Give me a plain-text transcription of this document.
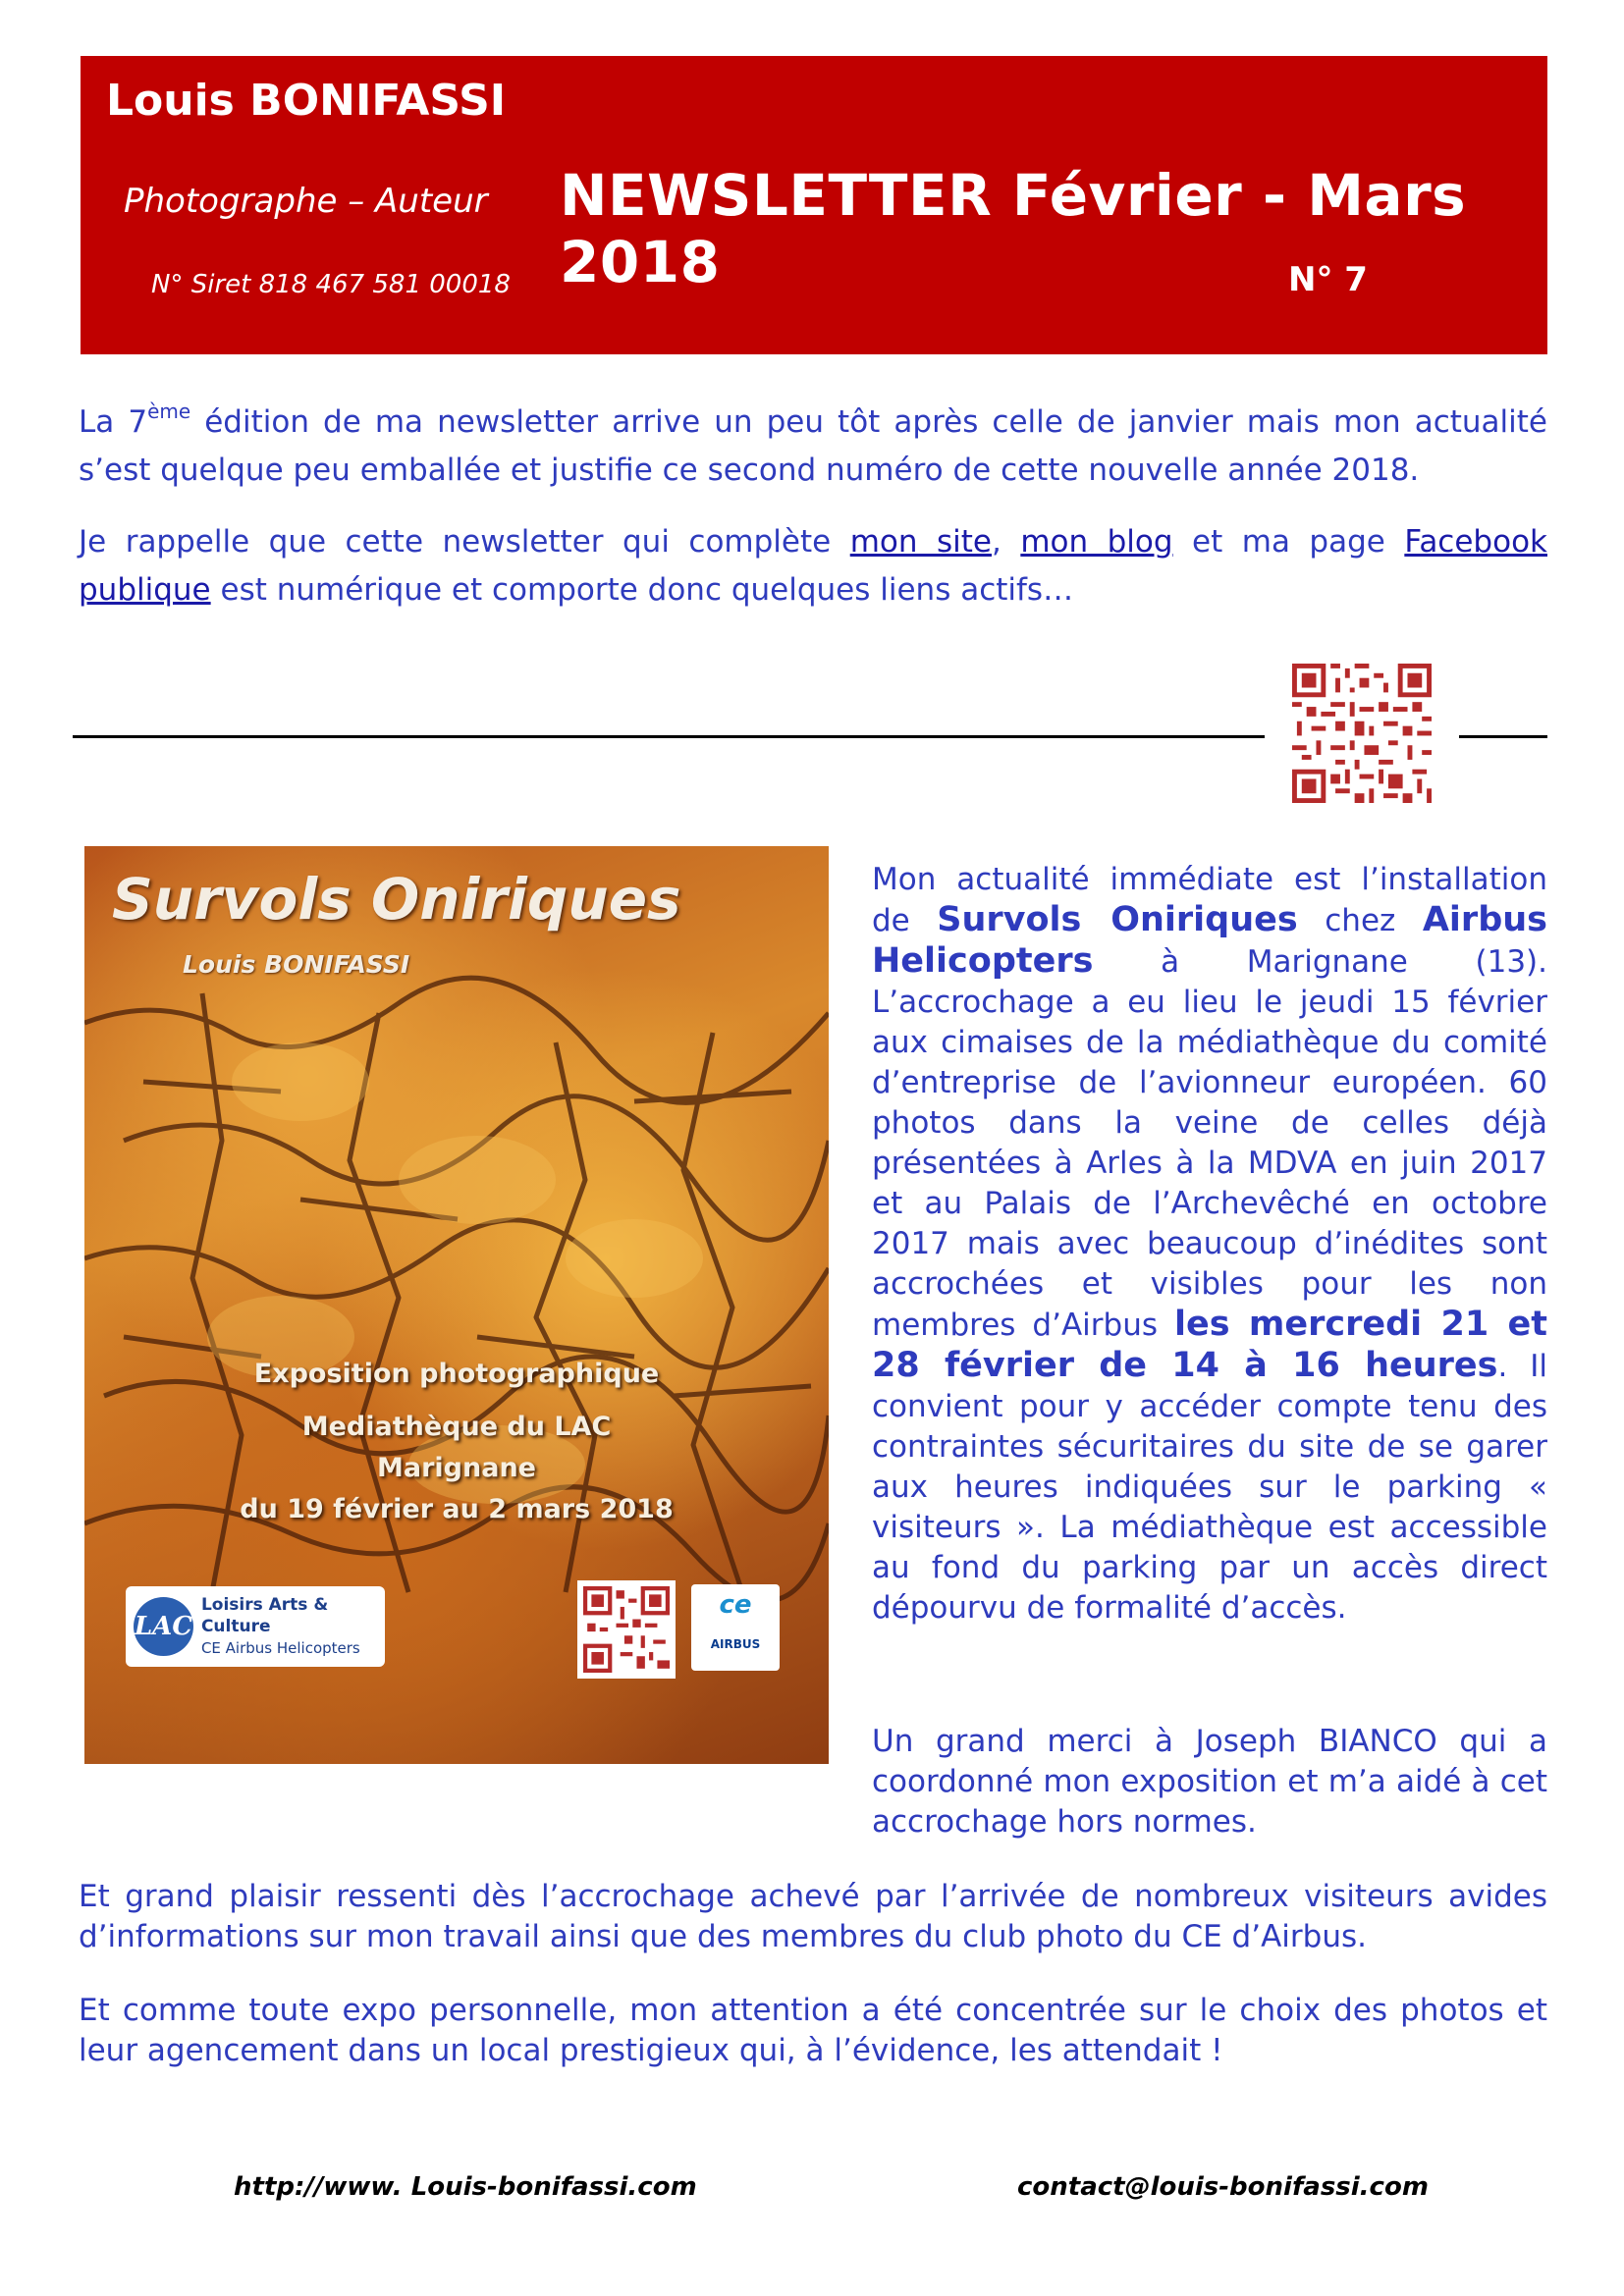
Louis BONIFASSI
Photographe – Auteur NEWSLETTER Février - Mars 2018
N° Siret 818 467 581 00018	N° 7
La 7ème édition de ma newsletter arrive un peu tôt après celle de janvier mais mon actualité s’est quelque peu emballée et justifie ce second numéro de cette nouvelle année 2018.
Je rappelle que cette newsletter qui complète mon site, mon blog et ma page Facebook publique est numérique et comporte donc quelques liens actifs…
Survols Oniriques
Louis BONIFASSI
Exposition photographique
Mediathèque du LAC
Marignane
du 19 février au 2 mars 2018
LAC
Loisirs Arts & Culture
CE Airbus Helicopters
ce
AIRBUS
Mon actualité immédiate est l’installation de Survols Oniriques chez Airbus Helicopters à Marignane (13). L’accrochage a eu lieu le jeudi 15 février aux cimaises de la médiathèque du comité d’entreprise de l’avionneur européen. 60 photos dans la veine de celles déjà présentées à Arles à la MDVA en juin 2017 et au Palais de l’Archevêché en octobre 2017 mais avec beaucoup d’inédites sont accrochées et visibles pour les non membres d’Airbus les mercredi 21 et 28 février de 14 à 16 heures. Il convient pour y accéder compte tenu des contraintes sécuritaires du site de se garer aux heures indiquées sur le parking « visiteurs ». La médiathèque est accessible au fond du parking par un accès direct dépourvu de formalité d’accès.
Un grand merci à Joseph BIANCO qui a coordonné mon exposition et m’a aidé à cet accrochage hors normes.
Et grand plaisir ressenti dès l’accrochage achevé par l’arrivée de nombreux visiteurs avides d’informations sur mon travail ainsi que des membres du club photo du CE d’Airbus.
Et comme toute expo personnelle, mon attention a été concentrée sur le choix des photos et leur agencement dans un local prestigieux qui, à l’évidence, les attendait !
http://www. Louis-bonifassi.com	contact@louis-bonifassi.com
